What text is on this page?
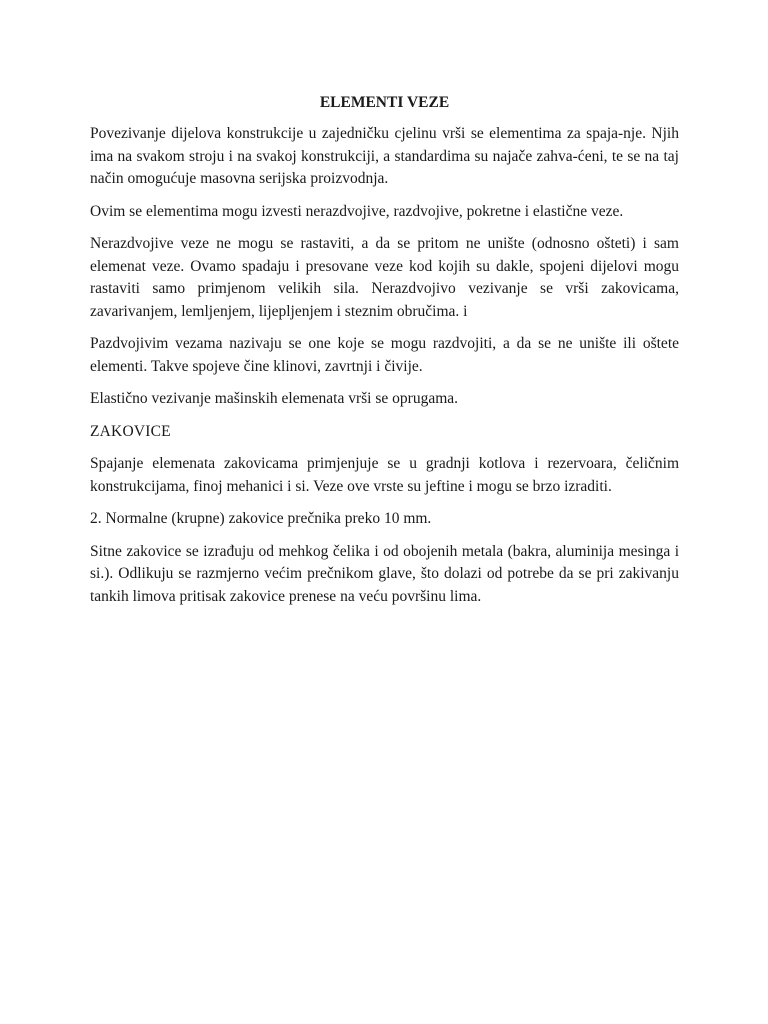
ELEMENTI VEZE

Povezivanje dijelova konstrukcije u zajedničku cjelinu vrši se elementima za spaja-nje. Njih ima na svakom stroju i na svakoj konstrukciji, a standardima su najače zahva-ćeni, te se na taj način omogućuje masovna serijska proizvodnja.

Ovim se elementima mogu izvesti nerazdvojive, razdvojive, pokretne i elastične veze.

Nerazdvojive veze ne mogu se rastaviti, a da se pritom ne unište (odnosno ošteti) i sam elemenat veze. Ovamo spadaju i presovane veze kod kojih su dakle, spojeni dijelovi mogu rastaviti samo primjenom velikih sila. Nerazdvojivo vezivanje se vrši zakovicama, zavarivanjem, lemljenjem, lijepljenjem i steznim obručima. i

Pazdvojivim vezama nazivaju se one koje se mogu razdvojiti, a da se ne unište ili oštete elementi. Takve spojeve čine klinovi, zavrtnji i čivije.

Elastično vezivanje mašinskih elemenata vrši se oprugama.

ZAKOVICE

Spajanje elemenata zakovicama primjenjuje se u gradnji kotlova i rezervoara, čeličnim konstrukcijama, finoj mehanici i si. Veze ove vrste su jeftine i mogu se brzo izraditi.

2. Normalne (krupne) zakovice prečnika preko 10 mm.

Sitne zakovice se izrađuju od mehkog čelika i od obojenih metala (bakra, aluminija mesinga i si.). Odlikuju se razmjerno većim prečnikom glave, što dolazi od potrebe da se pri zakivanju tankih limova pritisak zakovice prenese na veću površinu lima.
